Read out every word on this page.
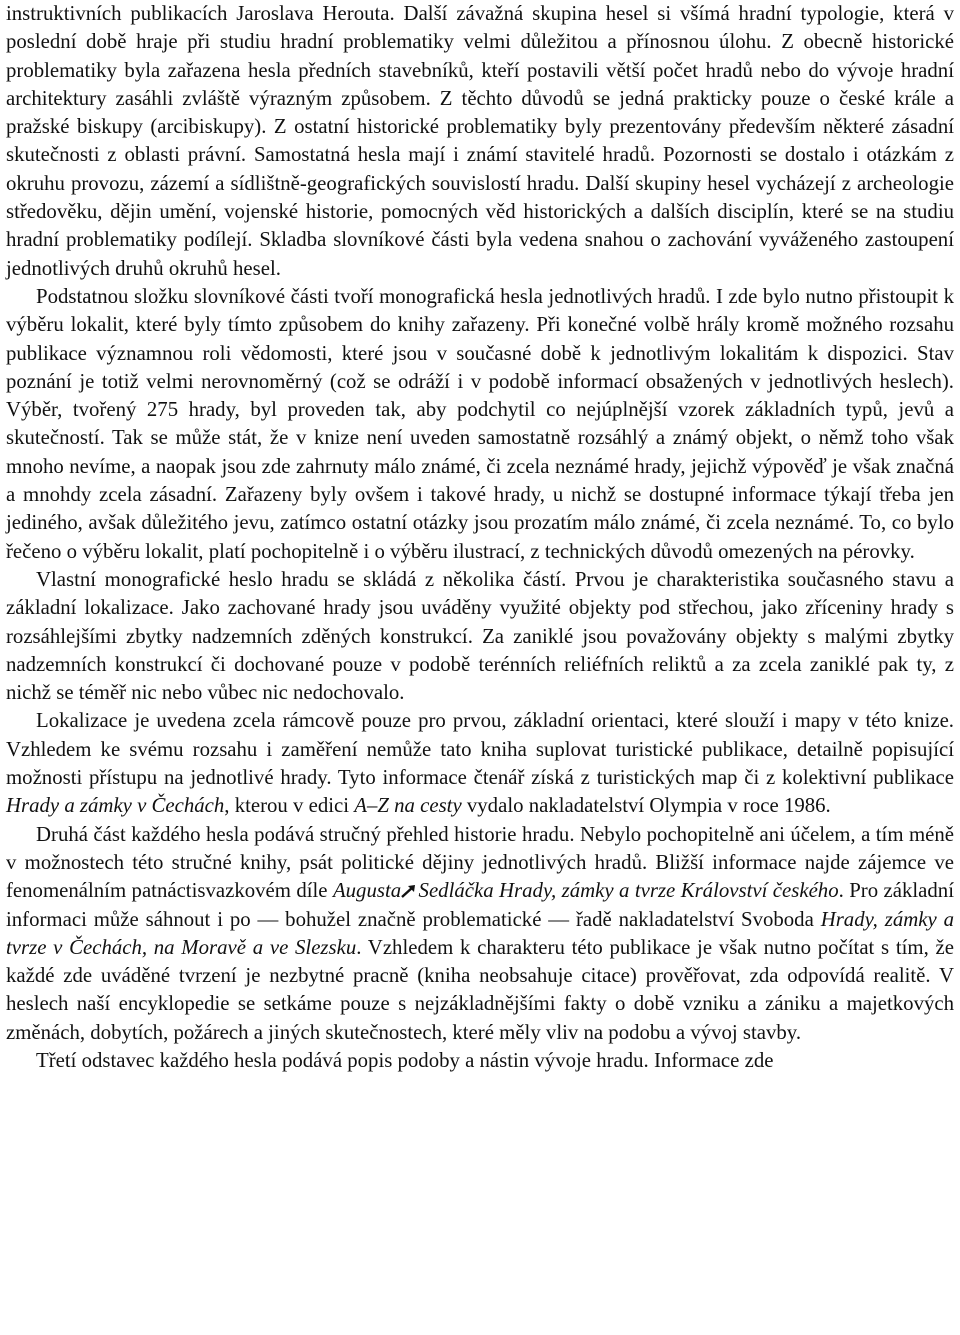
instruktivních publikacích Jaroslava Herouta. Další závažná skupina hesel si všímá hradní typologie, která v poslední době hraje při studiu hradní problematiky velmi důležitou a přínosnou úlohu. Z obecně historické problematiky byla zařazena hesla předních stavebníků, kteří postavili větší počet hradů nebo do vývoje hradní architektury zasáhli zvláště výrazným způsobem. Z těchto důvodů se jedná prakticky pouze o české krále a pražské biskupy (arcibiskupy). Z ostatní historické problematiky byly prezentovány především některé zásadní skutečnosti z oblasti právní. Samostatná hesla mají i známí stavitelé hradů. Pozornosti se dostalo i otázkám z okruhu provozu, zázemí a sídlištně-geografických souvislostí hradu. Další skupiny hesel vycházejí z archeologie středověku, dějin umění, vojenské historie, pomocných věd historických a dalších disciplín, které se na studiu hradní problematiky podílejí. Skladba slovníkové části byla vedena snahou o zachování vyváženého zastoupení jednotlivých druhů okruhů hesel.

Podstatnou složku slovníkové části tvoří monografická hesla jednotlivých hradů. I zde bylo nutno přistoupit k výběru lokalit, které byly tímto způsobem do knihy zařazeny. Při konečné volbě hrály kromě možného rozsahu publikace významnou roli vědomosti, které jsou v současné době k jednotlivým lokalitám k dispozici. Stav poznání je totiž velmi nerovnoměrný (což se odráží i v podobě informací obsažených v jednotlivých heslech). Výběr, tvořený 275 hrady, byl proveden tak, aby podchytil co nejúplnější vzorek základních typů, jevů a skutečností. Tak se může stát, že v knize není uveden samostatně rozsáhlý a známý objekt, o němž toho však mnoho nevíme, a naopak jsou zde zahrnuty málo známé, či zcela neznámé hrady, jejichž výpověď je však značná a mnohdy zcela zásadní. Zařazeny byly ovšem i takové hrady, u nichž se dostupné informace týkají třeba jen jediného, avšak důležitého jevu, zatímco ostatní otázky jsou prozatím málo známé, či zcela neznámé. To, co bylo řečeno o výběru lokalit, platí pochopitelně i o výběru ilustrací, z technických důvodů omezených na pérovky.

Vlastní monografické heslo hradu se skládá z několika částí. Prvou je charakteristika současného stavu a základní lokalizace. Jako zachované hrady jsou uváděny využité objekty pod střechou, jako zříceniny hrady s rozsáhlejšími zbytky nadzemních zděných konstrukcí. Za zaniklé jsou považovány objekty s malými zbytky nadzemních konstrukcí či dochované pouze v podobě terénních reliéfních reliktů a za zcela zaniklé pak ty, z nichž se téměř nic nebo vůbec nic nedochovalo.

Lokalizace je uvedena zcela rámcově pouze pro prvou, základní orientaci, které slouží i mapy v této knize. Vzhledem ke svému rozsahu i zaměření nemůže tato kniha suplovat turistické publikace, detailně popisující možnosti přístupu na jednotlivé hrady. Tyto informace čtenář získá z turistických map či z kolektivní publikace Hrady a zámky v Čechách, kterou v edici A–Z na cesty vydalo nakladatelství Olympia v roce 1986.

Druhá část každého hesla podává stručný přehled historie hradu. Nebylo pochopitelně ani účelem, a tím méně v možnostech této stručné knihy, psát politické dějiny jednotlivých hradů. Bližší informace najde zájemce ve fenomenálním patnáctisvazkovém díle Augusta Sedláčka Hrady, zámky a tvrze Království českého. Pro základní informaci může sáhnout i po — bohužel značně problematické — řadě nakladatelství Svoboda Hrady, zámky a tvrze v Čechách, na Moravě a ve Slezsku. Vzhledem k charakteru této publikace je však nutno počítat s tím, že každé zde uváděné tvrzení je nezbytné pracně (kniha neobsahuje citace) prověřovat, zda odpovídá realitě. V heslech naší encyklopedie se setkáme pouze s nejzákladnějšími fakty o době vzniku a zániku a majetkových změnách, dobytích, požárech a jiných skutečnostech, které měly vliv na podobu a vývoj stavby.

Třetí odstavec každého hesla podává popis podoby a nástin vývoje hradu. Informace zde
